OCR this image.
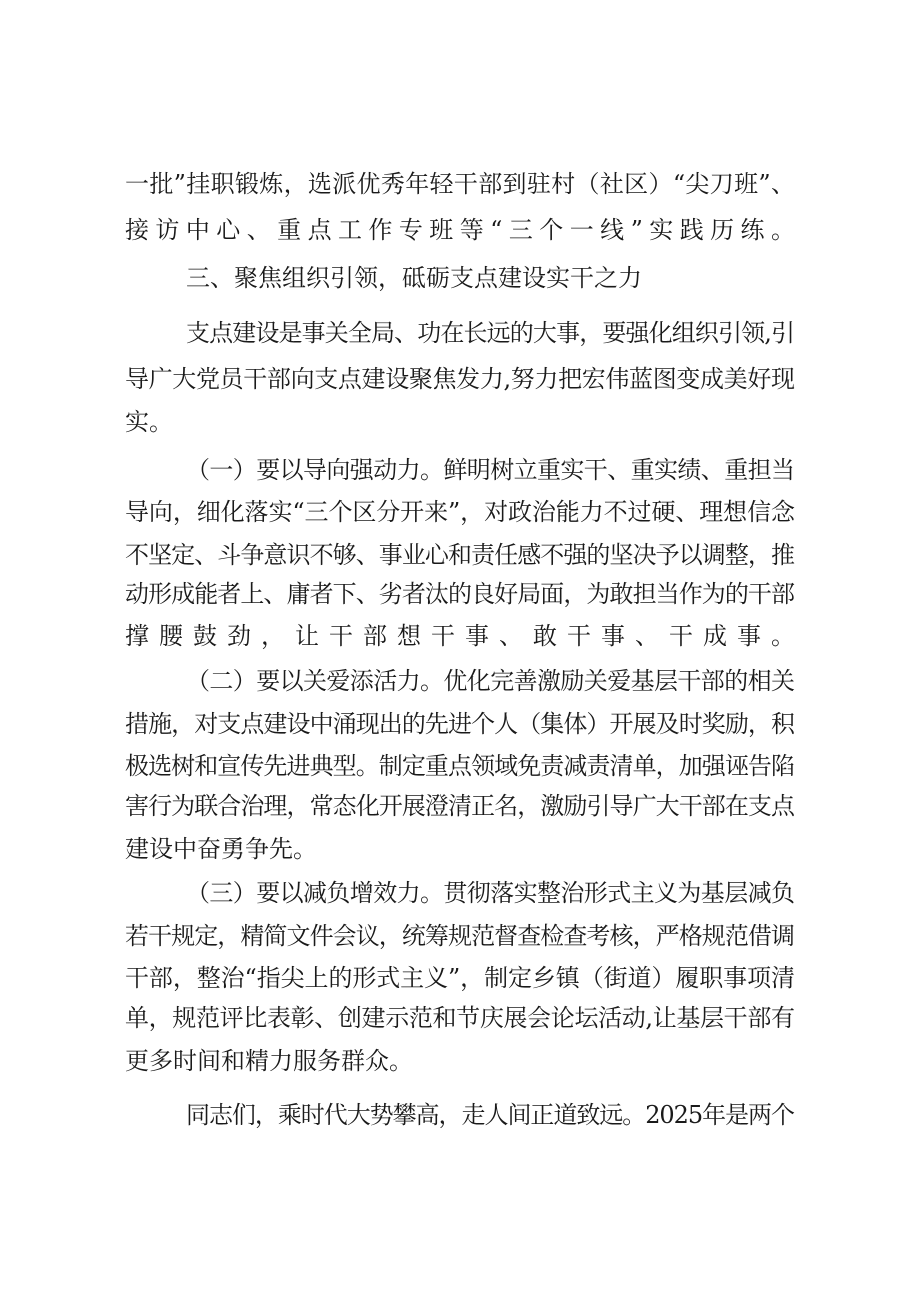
一批”挂职锻炼，选派优秀年轻干部到驻村（社区）“尖刀班”、
接访中心、重点工作专班等“三个一线”实践历练。
三、聚焦组织引领，砥砺支点建设实干之力
支点建设是事关全局、功在长远的大事，要强化组织引领,引
导广大党员干部向支点建设聚焦发力,努力把宏伟蓝图变成美好现
实。
（一）要以导向强动力。鲜明树立重实干、重实绩、重担当
导向，细化落实“三个区分开来”，对政治能力不过硬、理想信念
不坚定、斗争意识不够、事业心和责任感不强的坚决予以调整，推
动形成能者上、庸者下、劣者汰的良好局面，为敢担当作为的干部
撑腰鼓劲，让干部想干事、敢干事、干成事。
（二）要以关爱添活力。优化完善激励关爱基层干部的相关
措施，对支点建设中涌现出的先进个人（集体）开展及时奖励，积
极选树和宣传先进典型。制定重点领域免责减责清单，加强诬告陷
害行为联合治理，常态化开展澄清正名，激励引导广大干部在支点
建设中奋勇争先。
（三）要以减负增效力。贯彻落实整治形式主义为基层减负
若干规定，精简文件会议，统筹规范督查检查考核，严格规范借调
干部，整治“指尖上的形式主义”，制定乡镇（街道）履职事项清
单，规范评比表彰、创建示范和节庆展会论坛活动,让基层干部有
更多时间和精力服务群众。
同志们，乘时代大势攀高，走人间正道致远。2025年是两个
